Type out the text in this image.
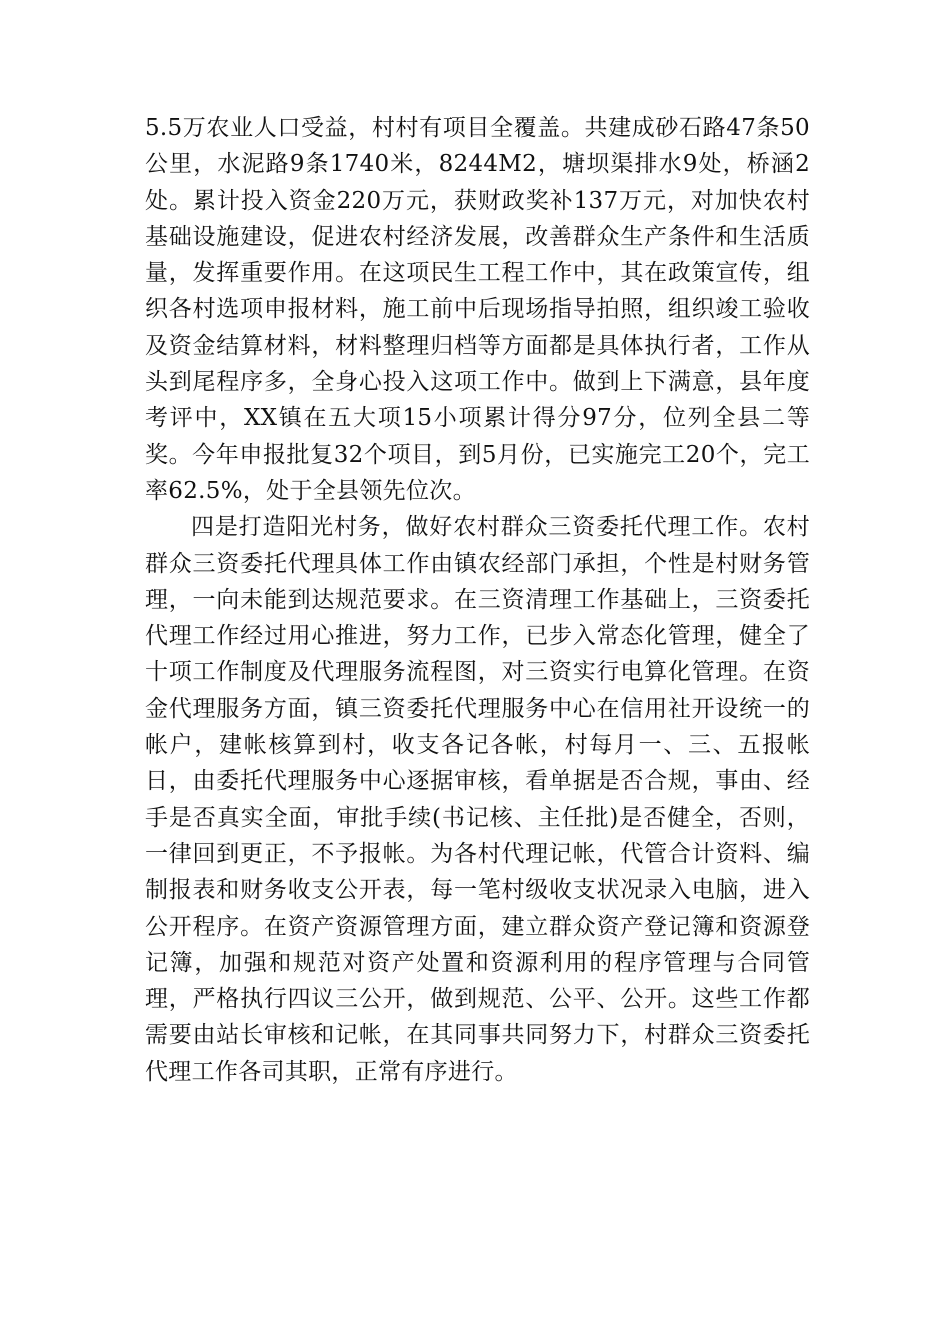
5.5万农业人口受益，村村有项目全覆盖。共建成砂石路47条50公里，水泥路9条1740米，8244M2，塘坝渠排水9处，桥涵2处。累计投入资金220万元，获财政奖补137万元，对加快农村基础设施建设，促进农村经济发展，改善群众生产条件和生活质量，发挥重要作用。在这项民生工程工作中，其在政策宣传，组织各村选项申报材料，施工前中后现场指导拍照，组织竣工验收及资金结算材料，材料整理归档等方面都是具体执行者，工作从头到尾程序多，全身心投入这项工作中。做到上下满意，县年度考评中，XX镇在五大项15小项累计得分97分，位列全县二等奖。今年申报批复32个项目，到5月份，已实施完工20个，完工率62.5%，处于全县领先位次。

四是打造阳光村务，做好农村群众三资委托代理工作。农村群众三资委托代理具体工作由镇农经部门承担，个性是村财务管理，一向未能到达规范要求。在三资清理工作基础上，三资委托代理工作经过用心推进，努力工作，已步入常态化管理，健全了十项工作制度及代理服务流程图，对三资实行电算化管理。在资金代理服务方面，镇三资委托代理服务中心在信用社开设统一的帐户，建帐核算到村，收支各记各帐，村每月一、三、五报帐日，由委托代理服务中心逐据审核，看单据是否合规，事由、经手是否真实全面，审批手续(书记核、主任批)是否健全，否则，一律回到更正，不予报帐。为各村代理记帐，代管合计资料、编制报表和财务收支公开表，每一笔村级收支状况录入电脑，进入公开程序。在资产资源管理方面，建立群众资产登记簿和资源登记簿，加强和规范对资产处置和资源利用的程序管理与合同管理，严格执行四议三公开，做到规范、公平、公开。这些工作都需要由站长审核和记帐，在其同事共同努力下，村群众三资委托代理工作各司其职，正常有序进行。
